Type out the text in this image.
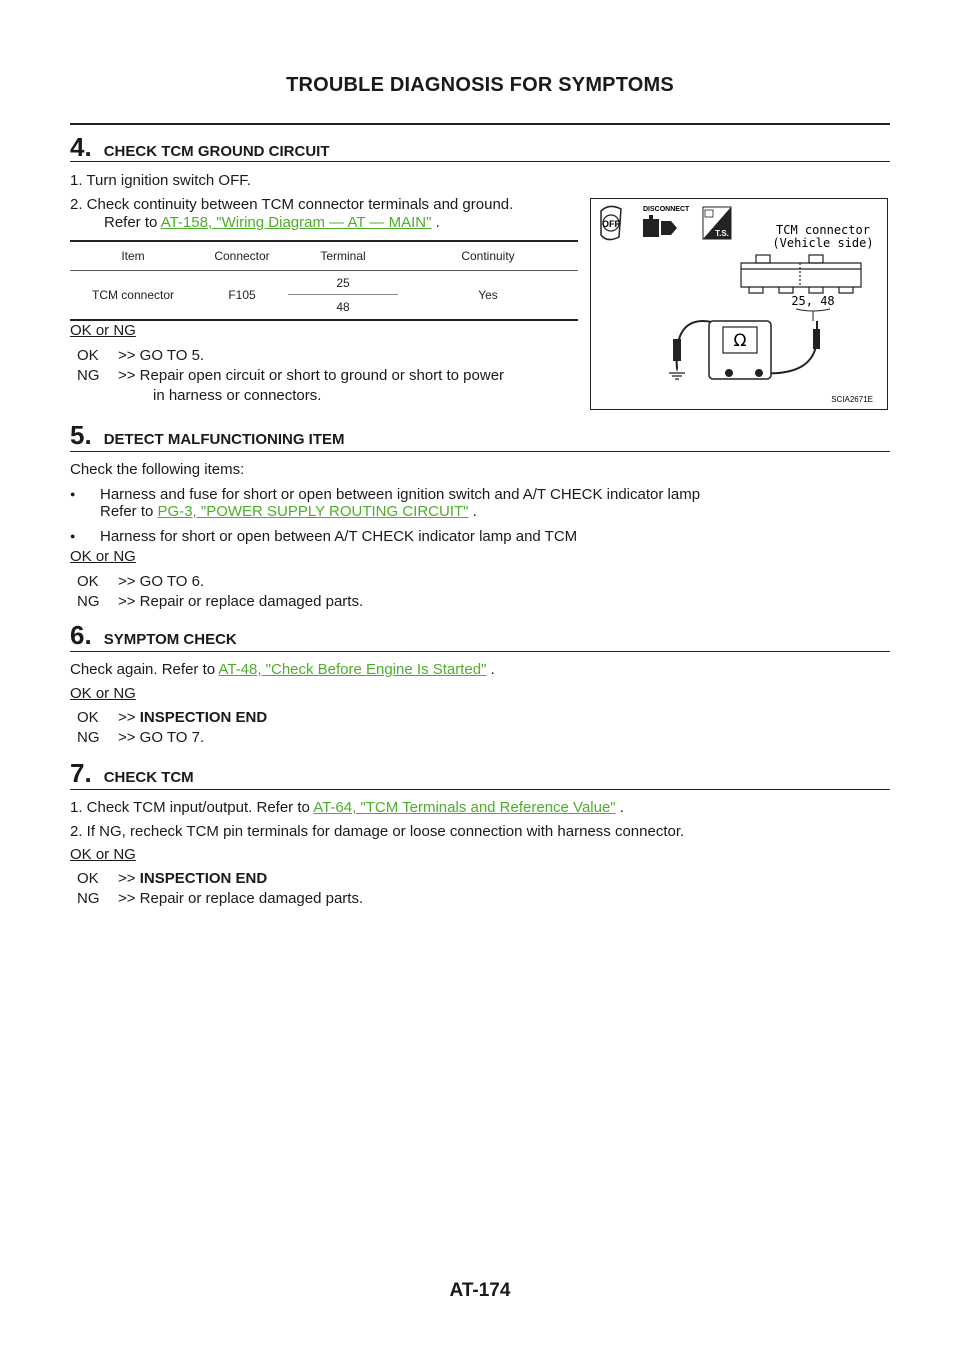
TROUBLE DIAGNOSIS FOR SYMPTOMS
4. CHECK TCM GROUND CIRCUIT
1. Turn ignition switch OFF.
2. Check continuity between TCM connector terminals and ground.
Refer to AT-158, "Wiring Diagram — AT — MAIN" .
Item	Connector	Terminal	Continuity
TCM connector	F105	25	Yes
		48	
OK or NG
OK >> GO TO 5.
NG >> Repair open circuit or short to ground or short to power
in harness or connectors.
OFF
DISCONNECT
T.S.	TCM connector
(Vehicle side)
25, 48
Ω
SCIA2671E
5. DETECT MALFUNCTIONING ITEM
Check the following items:
● Harness and fuse for short or open between ignition switch and A/T CHECK indicator lamp
Refer to PG-3, "POWER SUPPLY ROUTING CIRCUIT" .
● Harness for short or open between A/T CHECK indicator lamp and TCM
OK or NG
OK >> GO TO 6.
NG >> Repair or replace damaged parts.
6. SYMPTOM CHECK
Check again. Refer to AT-48, "Check Before Engine Is Started" .
OK or NG
OK >> INSPECTION END
NG >> GO TO 7.
7. CHECK TCM
1. Check TCM input/output. Refer to AT-64, "TCM Terminals and Reference Value" .
2. If NG, recheck TCM pin terminals for damage or loose connection with harness connector.
OK or NG
OK >> INSPECTION END
NG >> Repair or replace damaged parts.
AT-174
